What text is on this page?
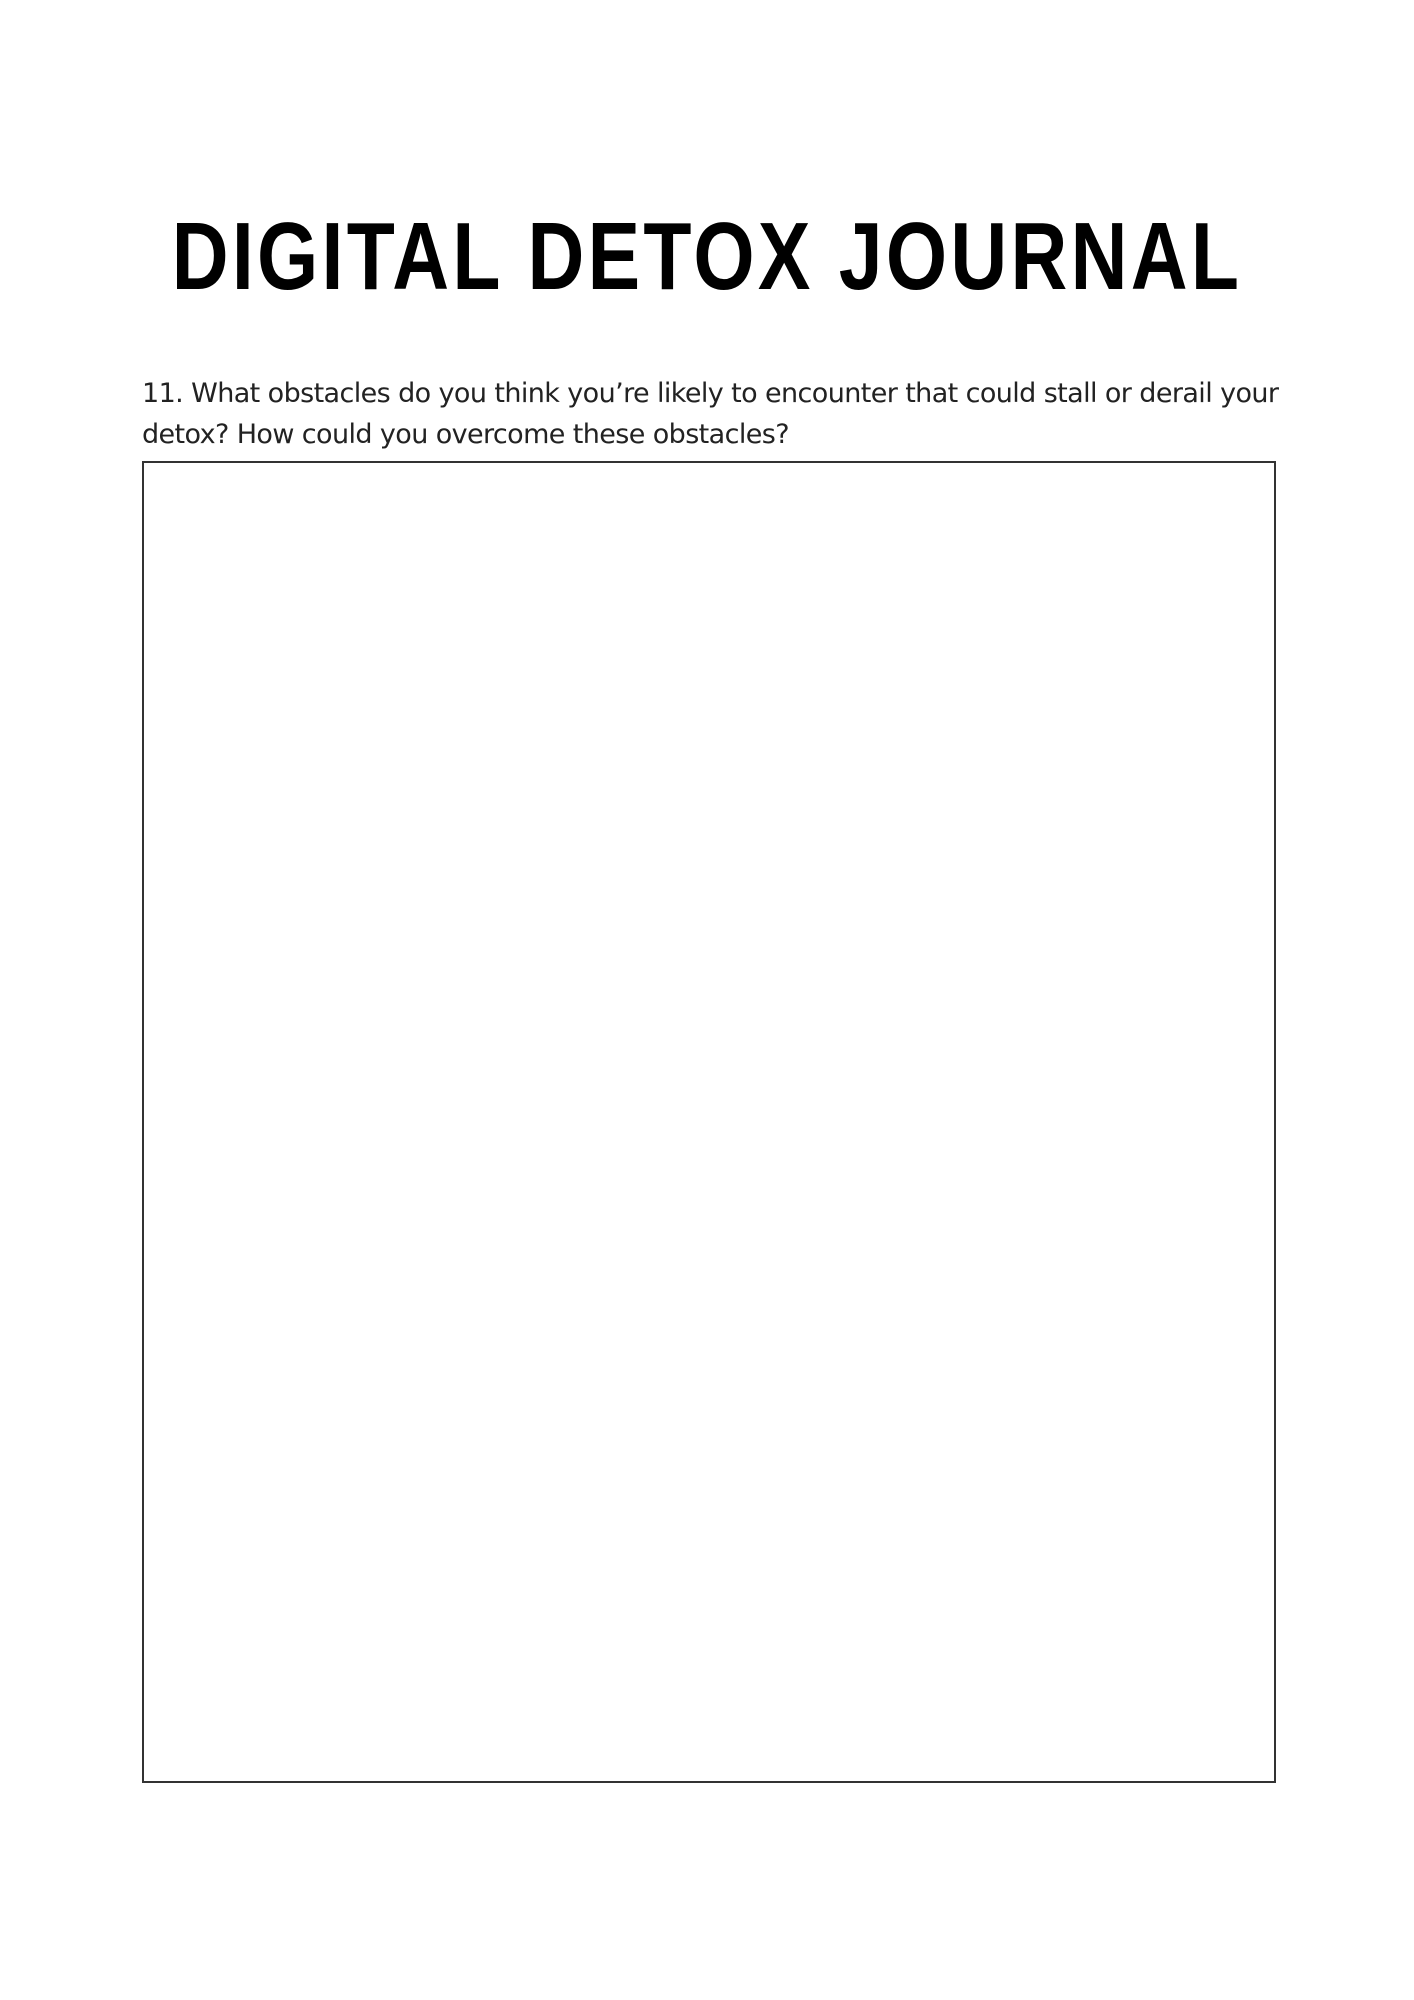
DIGITAL DETOX JOURNAL

11. What obstacles do you think you’re likely to encounter that could stall or derail your detox? How could you overcome these obstacles?
